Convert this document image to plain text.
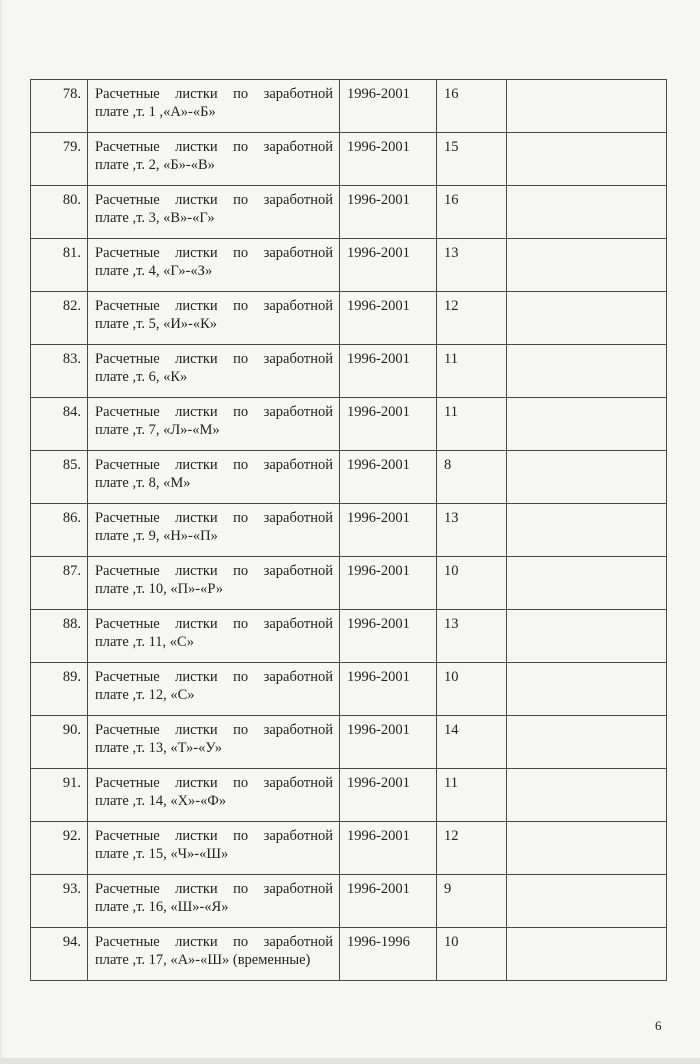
78.	Расчетные листки по заработной плате ,т. 1 ,«А»-«Б»	1996-2001	16	
79.	Расчетные листки по заработной плате ,т. 2, «Б»-«В»	1996-2001	15	
80.	Расчетные листки по заработной плате ,т. 3, «В»-«Г»	1996-2001	16	
81.	Расчетные листки по заработной плате ,т. 4, «Г»-«З»	1996-2001	13	
82.	Расчетные листки по заработной плате ,т. 5, «И»-«К»	1996-2001	12	
83.	Расчетные листки по заработной плате ,т. 6, «К»	1996-2001	11	
84.	Расчетные листки по заработной плате ,т. 7, «Л»-«М»	1996-2001	11	
85.	Расчетные листки по заработной плате ,т. 8, «М»	1996-2001	8	
86.	Расчетные листки по заработной плате ,т. 9, «Н»-«П»	1996-2001	13	
87.	Расчетные листки по заработной плате ,т. 10, «П»-«Р»	1996-2001	10	
88.	Расчетные листки по заработной плате ,т. 11, «С»	1996-2001	13	
89.	Расчетные листки по заработной плате ,т. 12, «С»	1996-2001	10	
90.	Расчетные листки по заработной плате ,т. 13, «Т»-«У»	1996-2001	14	
91.	Расчетные листки по заработной плате ,т. 14, «Х»-«Ф»	1996-2001	11	
92.	Расчетные листки по заработной плате ,т. 15, «Ч»-«Ш»	1996-2001	12	
93.	Расчетные листки по заработной плате ,т. 16, «Ш»-«Я»	1996-2001	9	
94.	Расчетные листки по заработной плате ,т. 17, «А»-«Ш» (временные)	1996-1996	10	
6
